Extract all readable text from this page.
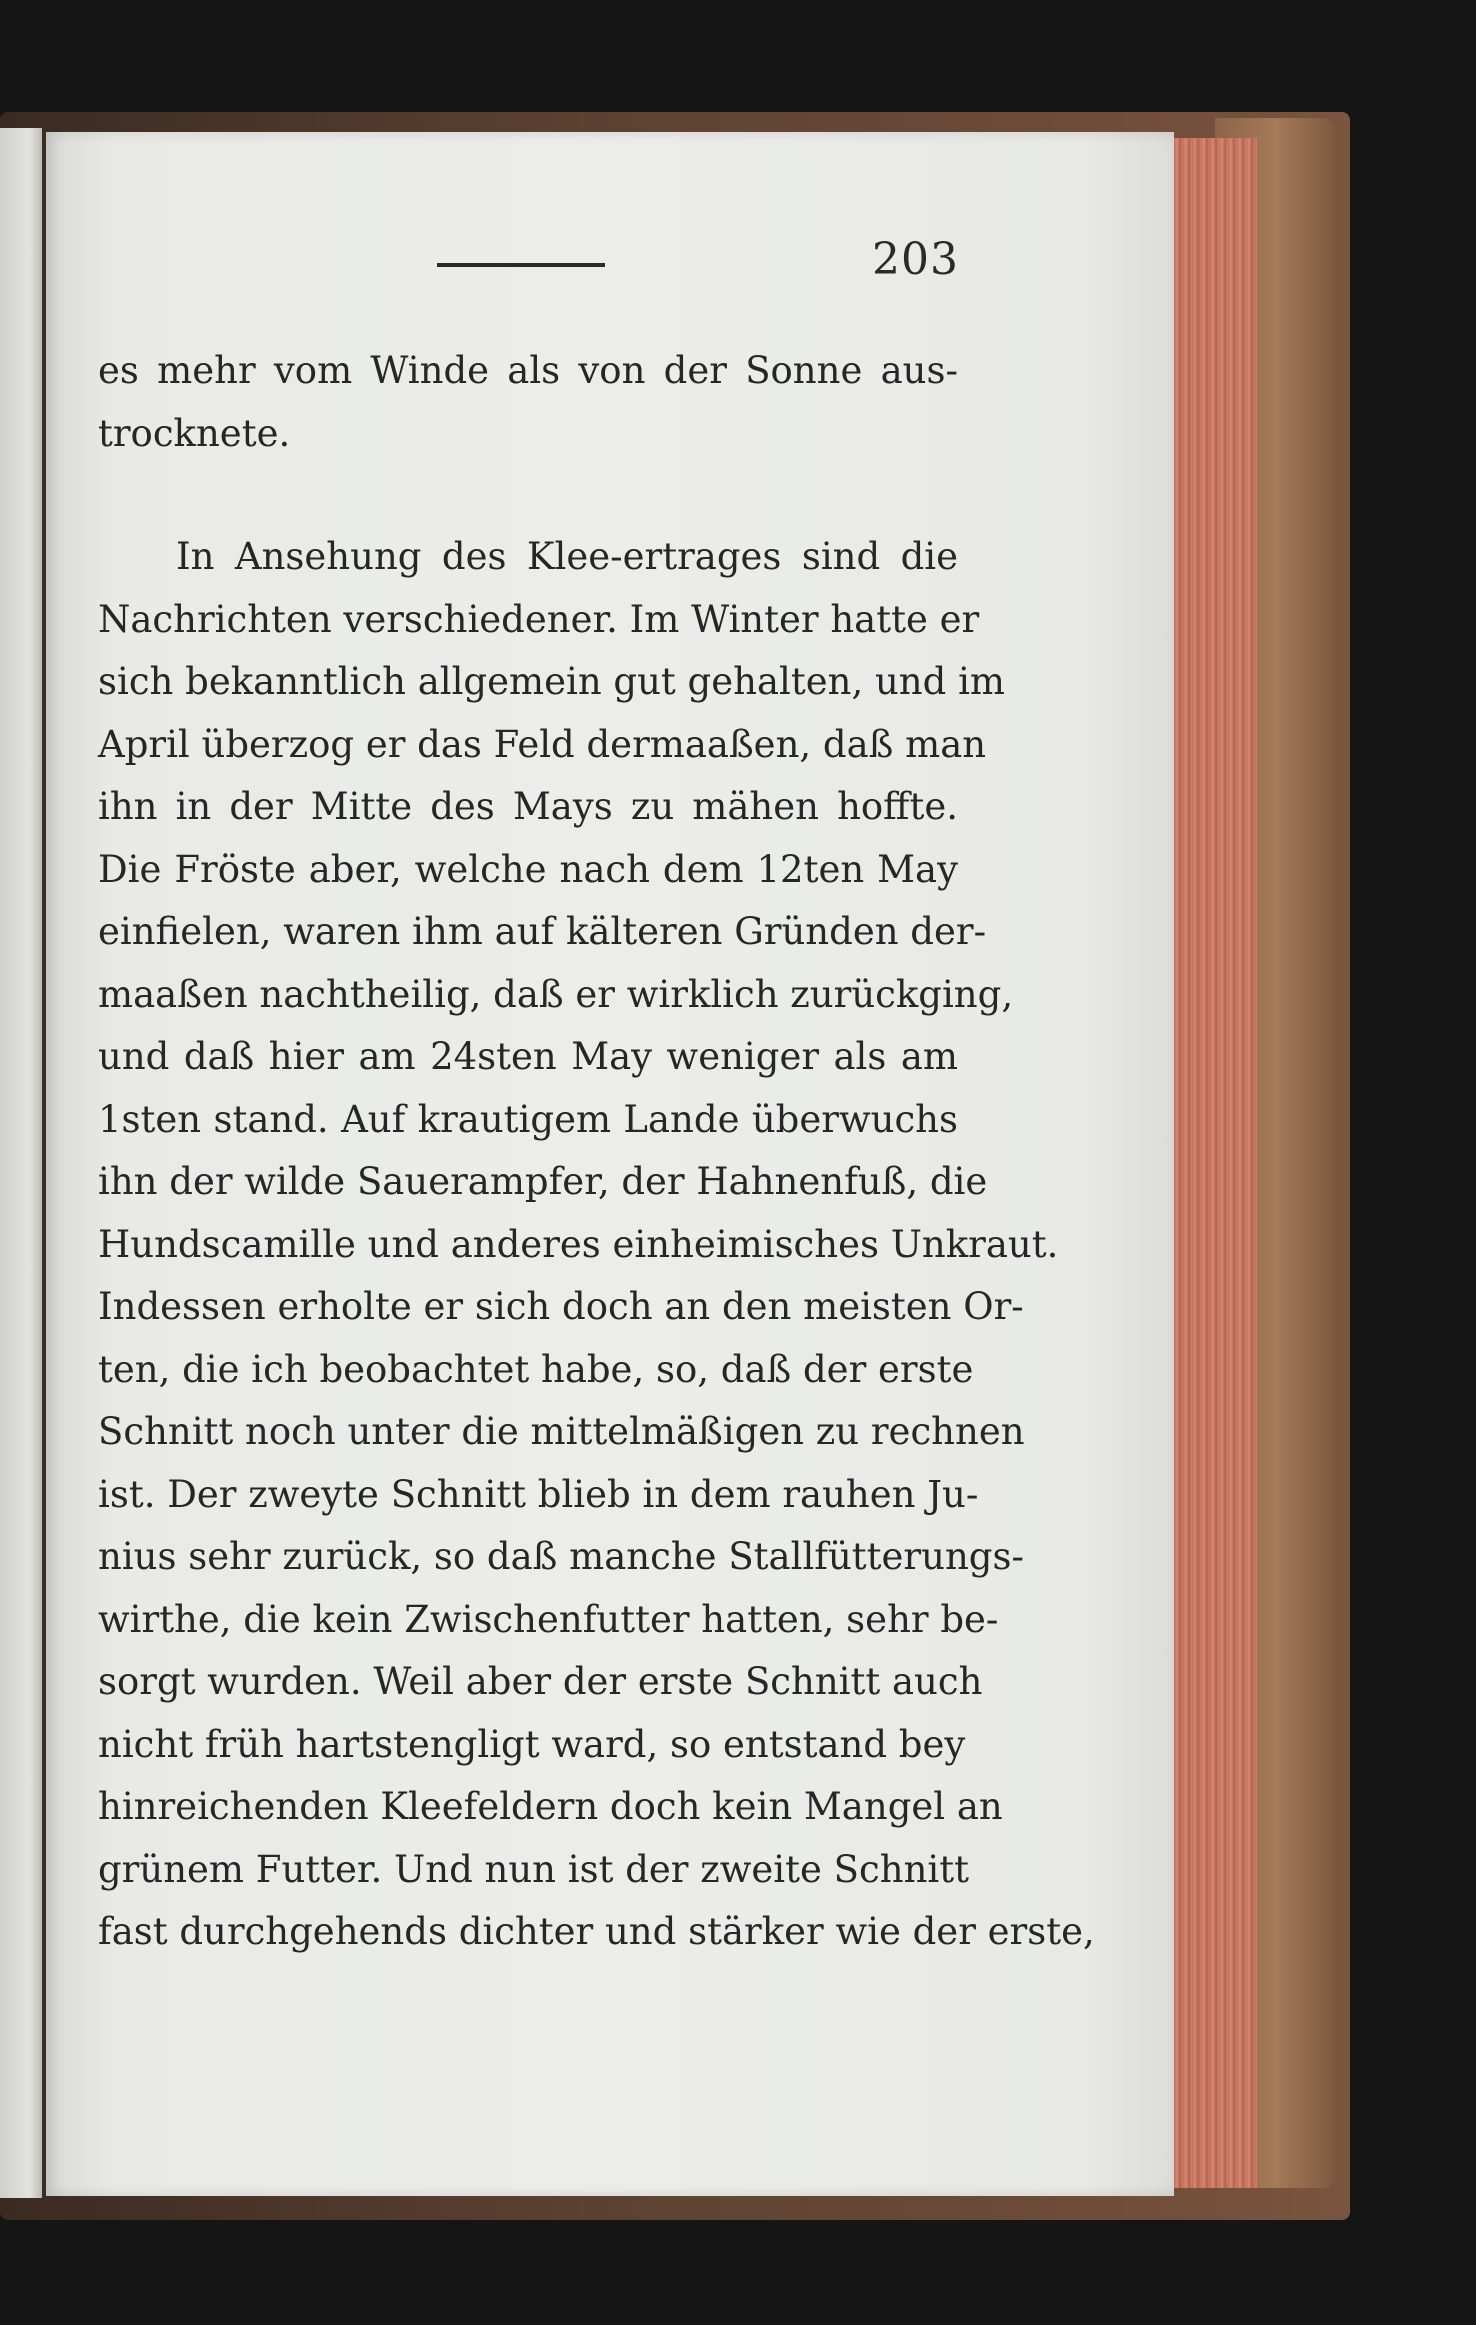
203
es mehr vom Winde als von der Sonne aus-
trocknete.
In Ansehung des Klee-ertrages sind die
Nachrichten verschiedener. Im Winter hatte er
sich bekanntlich allgemein gut gehalten, und im
April überzog er das Feld dermaaßen, daß man
ihn in der Mitte des Mays zu mähen hoffte.
Die Fröste aber, welche nach dem 12ten May
einfielen, waren ihm auf kälteren Gründen der-
maaßen nachtheilig, daß er wirklich zurückging,
und daß hier am 24sten May weniger als am
1sten stand. Auf krautigem Lande überwuchs
ihn der wilde Sauerampfer, der Hahnenfuß, die
Hundscamille und anderes einheimisches Unkraut.
Indessen erholte er sich doch an den meisten Or-
ten, die ich beobachtet habe, so, daß der erste
Schnitt noch unter die mittelmäßigen zu rechnen
ist. Der zweyte Schnitt blieb in dem rauhen Ju-
nius sehr zurück, so daß manche Stallfütterungs-
wirthe, die kein Zwischenfutter hatten, sehr be-
sorgt wurden. Weil aber der erste Schnitt auch
nicht früh hartstengligt ward, so entstand bey
hinreichenden Kleefeldern doch kein Mangel an
grünem Futter. Und nun ist der zweite Schnitt
fast durchgehends dichter und stärker wie der erste,
